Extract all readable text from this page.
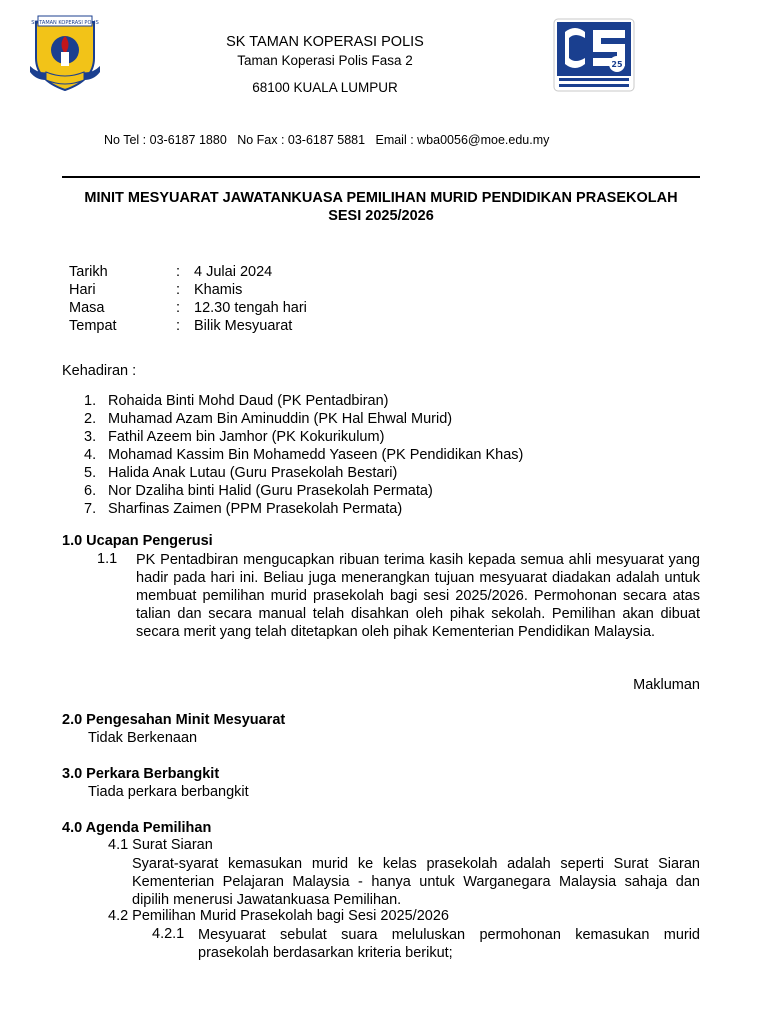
SK TAMAN KOPERASI POLIS
SK TAMAN KOPERASI POLIS
Taman Koperasi Polis Fasa 2
68100 KUALA LUMPUR
25
No Tel : 03-6187 1880   No Fax : 03-6187 5881   Email : wba0056@moe.edu.my
MINIT MESYUARAT JAWATANKUASA PEMILIHAN MURID PENDIDIKAN PRASEKOLAH
SESI 2025/2026
Tarikh	: 4 Julai 2024
Hari	: Khamis
Masa	: 12.30 tengah hari
Tempat	: Bilik Mesyuarat
Kehadiran :
1. Rohaida Binti Mohd Daud (PK Pentadbiran)
2. Muhamad Azam Bin Aminuddin (PK Hal Ehwal Murid)
3. Fathil Azeem bin Jamhor (PK Kokurikulum)
4. Mohamad Kassim Bin Mohamedd Yaseen (PK Pendidikan Khas)
5. Halida Anak Lutau (Guru Prasekolah Bestari)
6. Nor Dzaliha binti Halid (Guru Prasekolah Permata)
7. Sharfinas Zaimen (PPM Prasekolah Permata)
1.0 Ucapan Pengerusi
1.1 PK Pentadbiran mengucapkan ribuan terima kasih kepada semua ahli mesyuarat yang hadir pada hari ini. Beliau juga menerangkan tujuan mesyuarat diadakan adalah untuk membuat pemilihan murid prasekolah bagi sesi 2025/2026. Permohonan secara atas talian dan secara manual telah disahkan oleh pihak sekolah. Pemilihan akan dibuat secara merit yang telah ditetapkan oleh pihak Kementerian Pendidikan Malaysia.
Makluman
2.0 Pengesahan Minit Mesyuarat
Tidak Berkenaan
3.0 Perkara Berbangkit
Tiada perkara berbangkit
4.0 Agenda Pemilihan
4.1 Surat Siaran
Syarat-syarat kemasukan murid ke kelas prasekolah adalah seperti Surat Siaran Kementerian Pelajaran Malaysia - hanya untuk Warganegara Malaysia sahaja dan dipilih menerusi Jawatankuasa Pemilihan.
4.2 Pemilihan Murid Prasekolah bagi Sesi 2025/2026
4.2.1 Mesyuarat sebulat suara meluluskan permohonan kemasukan murid prasekolah berdasarkan kriteria berikut;
